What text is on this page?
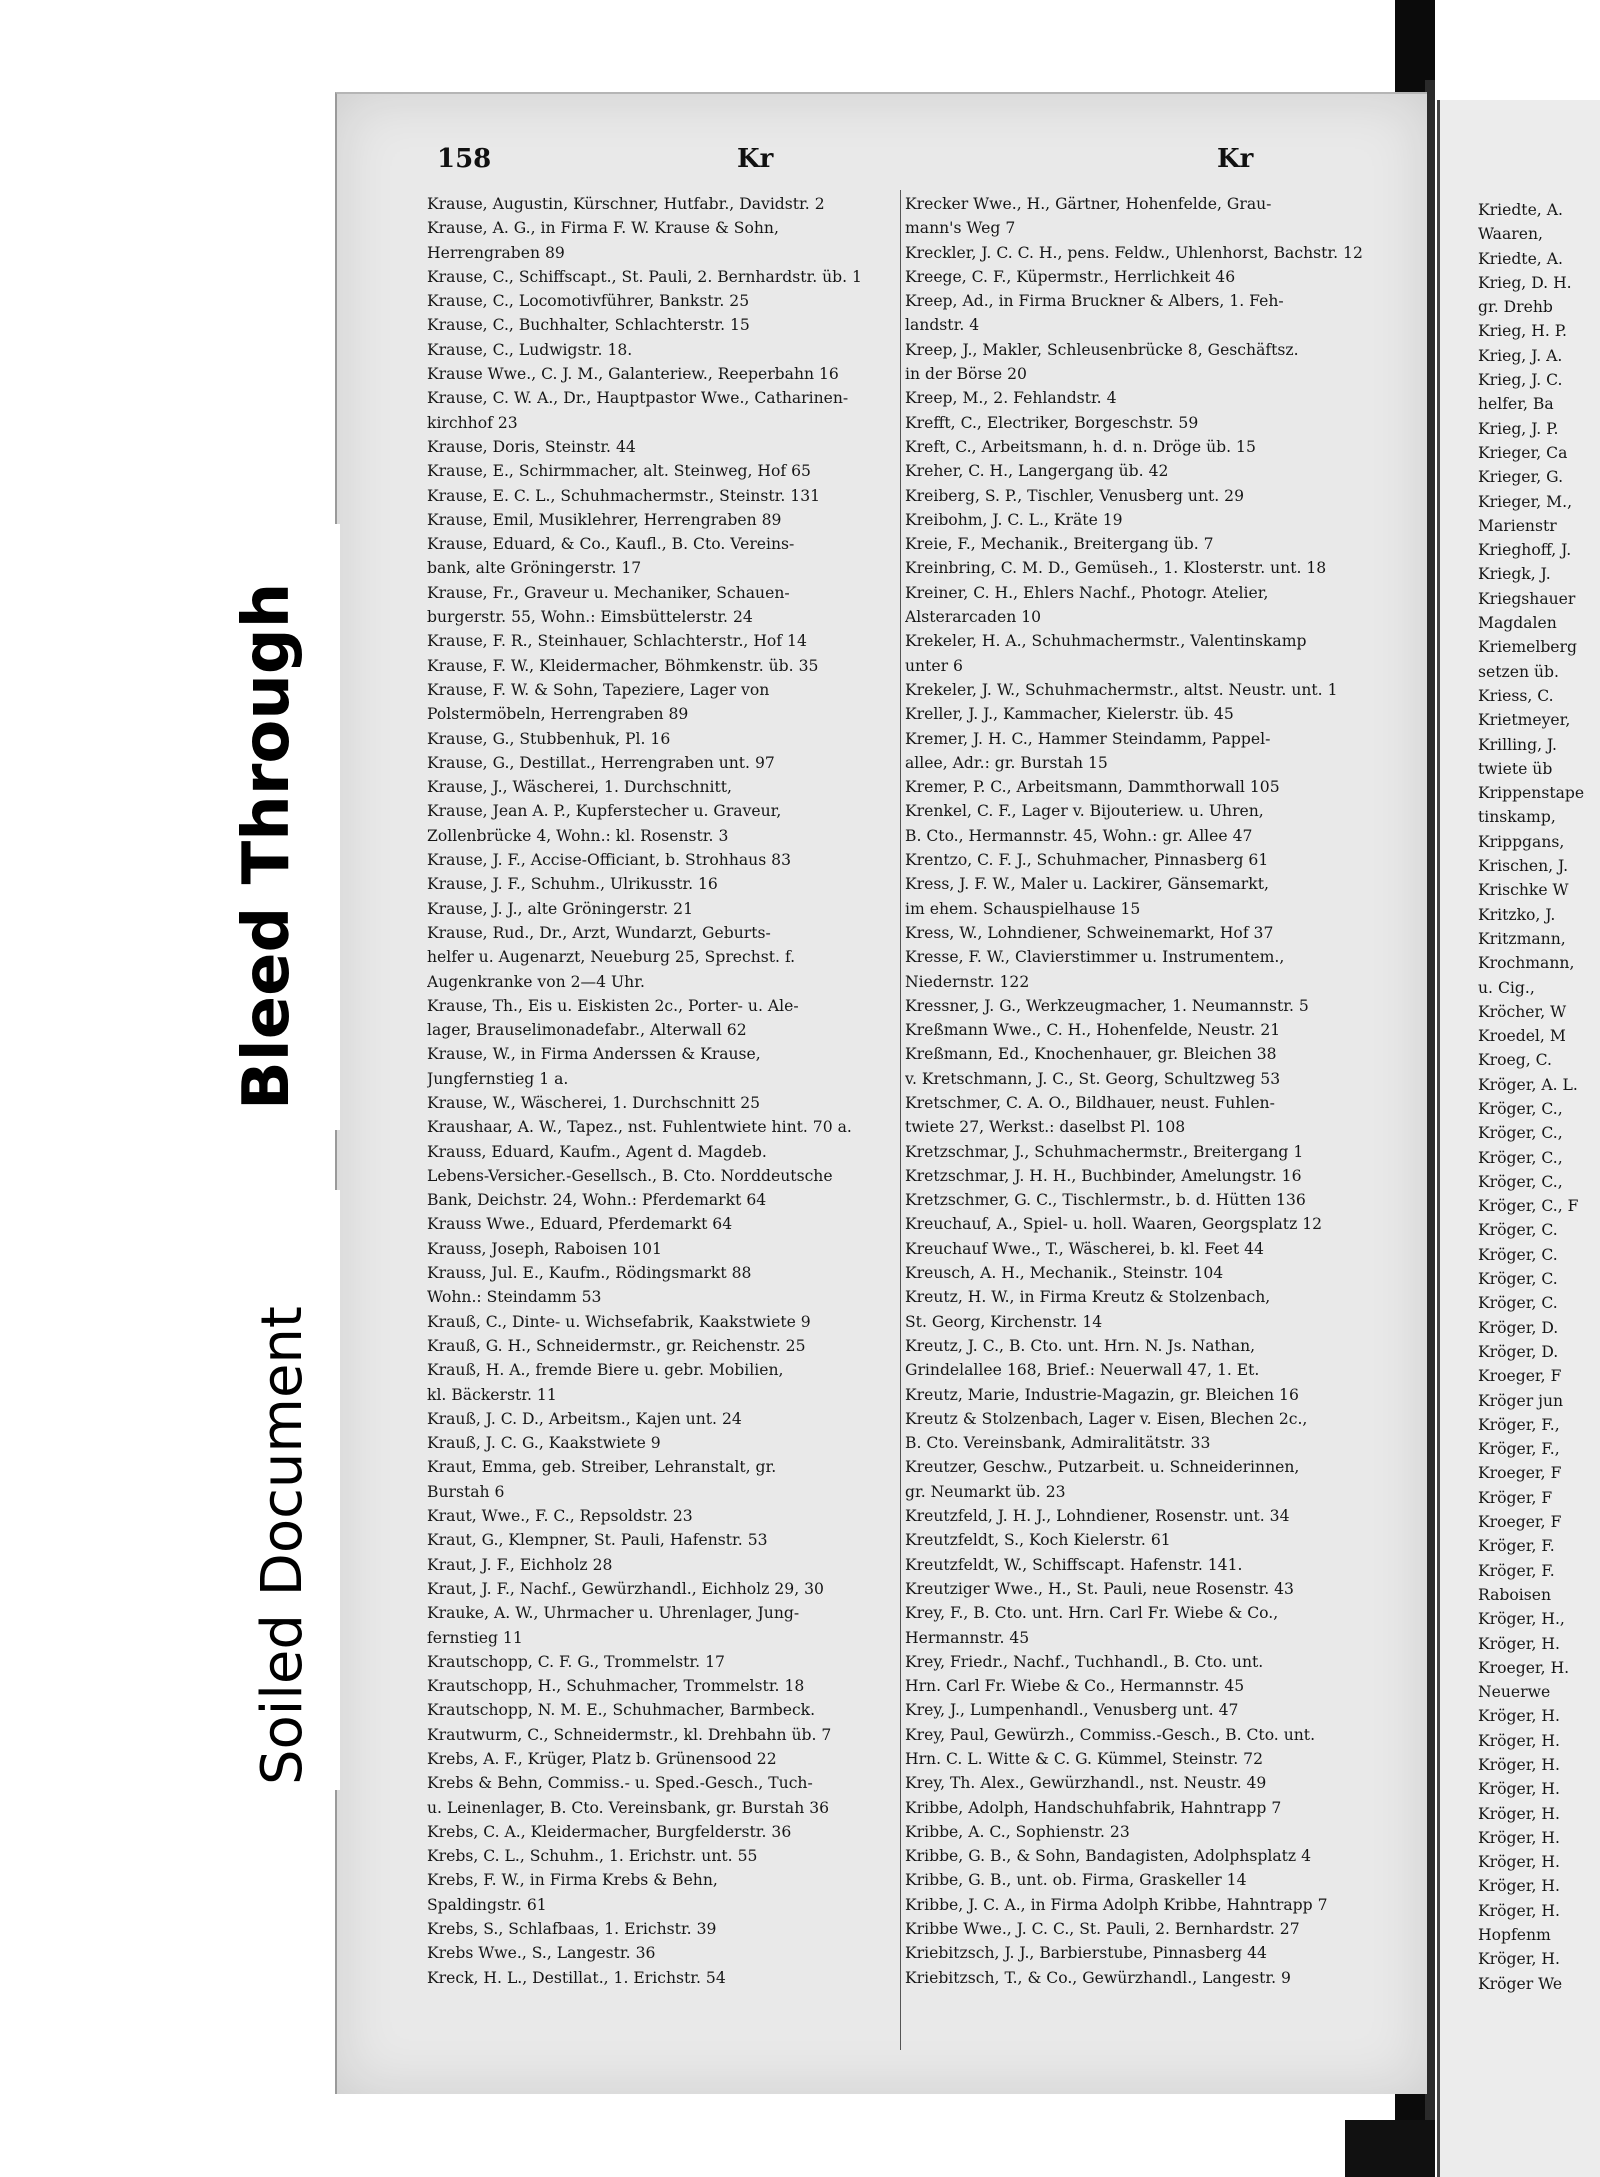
158	Kr	Kr
Krause, Augustin, Kürschner, Hutfabr., Davidstr. 2
Krause, A. G., in Firma F. W. Krause & Sohn,
Herrengraben 89
Krause, C., Schiffscapt., St. Pauli, 2. Bernhardstr. üb. 1
Krause, C., Locomotivführer, Bankstr. 25
Krause, C., Buchhalter, Schlachterstr. 15
Krause, C., Ludwigstr. 18.
Krause Wwe., C. J. M., Galanteriew., Reeperbahn 16
Krause, C. W. A., Dr., Hauptpastor Wwe., Catharinen-
kirchhof 23
Krause, Doris, Steinstr. 44
Krause, E., Schirmmacher, alt. Steinweg, Hof 65
Krause, E. C. L., Schuhmachermstr., Steinstr. 131
Krause, Emil, Musiklehrer, Herrengraben 89
Krause, Eduard, & Co., Kaufl., B. Cto. Vereins-
bank, alte Gröningerstr. 17
Krause, Fr., Graveur u. Mechaniker, Schauen-
burgerstr. 55, Wohn.: Eimsbüttelerstr. 24
Krause, F. R., Steinhauer, Schlachterstr., Hof 14
Krause, F. W., Kleidermacher, Böhmkenstr. üb. 35
Krause, F. W. & Sohn, Tapeziere, Lager von
Polstermöbeln, Herrengraben 89
Krause, G., Stubbenhuk, Pl. 16
Krause, G., Destillat., Herrengraben unt. 97
Krause, J., Wäscherei, 1. Durchschnitt,
Krause, Jean A. P., Kupferstecher u. Graveur,
Zollenbrücke 4, Wohn.: kl. Rosenstr. 3
Krause, J. F., Accise-Officiant, b. Strohhaus 83
Krause, J. F., Schuhm., Ulrikusstr. 16
Krause, J. J., alte Gröningerstr. 21
Krause, Rud., Dr., Arzt, Wundarzt, Geburts-
helfer u. Augenarzt, Neueburg 25, Sprechst. f.
Augenkranke von 2—4 Uhr.
Krause, Th., Eis u. Eiskisten 2c., Porter- u. Ale-
lager, Brauselimonadefabr., Alterwall 62
Krause, W., in Firma Anderssen & Krause,
Jungfernstieg 1 a.
Krause, W., Wäscherei, 1. Durchschnitt 25
Kraushaar, A. W., Tapez., nst. Fuhlentwiete hint. 70 a.
Krauss, Eduard, Kaufm., Agent d. Magdeb.
Lebens-Versicher.-Gesellsch., B. Cto. Norddeutsche
Bank, Deichstr. 24, Wohn.: Pferdemarkt 64
Krauss Wwe., Eduard, Pferdemarkt 64
Krauss, Joseph, Raboisen 101
Krauss, Jul. E., Kaufm., Rödingsmarkt 88
Wohn.: Steindamm 53
Krauß, C., Dinte- u. Wichsefabrik, Kaakstwiete 9
Krauß, G. H., Schneidermstr., gr. Reichenstr. 25
Krauß, H. A., fremde Biere u. gebr. Mobilien,
kl. Bäckerstr. 11
Krauß, J. C. D., Arbeitsm., Kajen unt. 24
Krauß, J. C. G., Kaakstwiete 9
Kraut, Emma, geb. Streiber, Lehranstalt, gr.
Burstah 6
Kraut, Wwe., F. C., Repsoldstr. 23
Kraut, G., Klempner, St. Pauli, Hafenstr. 53
Kraut, J. F., Eichholz 28
Kraut, J. F., Nachf., Gewürzhandl., Eichholz 29, 30
Krauke, A. W., Uhrmacher u. Uhrenlager, Jung-
fernstieg 11
Krautschopp, C. F. G., Trommelstr. 17
Krautschopp, H., Schuhmacher, Trommelstr. 18
Krautschopp, N. M. E., Schuhmacher, Barmbeck.
Krautwurm, C., Schneidermstr., kl. Drehbahn üb. 7
Krebs, A. F., Krüger, Platz b. Grünensood 22
Krebs & Behn, Commiss.- u. Sped.-Gesch., Tuch-
u. Leinenlager, B. Cto. Vereinsbank, gr. Burstah 36
Krebs, C. A., Kleidermacher, Burgfelderstr. 36
Krebs, C. L., Schuhm., 1. Erichstr. unt. 55
Krebs, F. W., in Firma Krebs & Behn,
Spaldingstr. 61
Krebs, S., Schlafbaas, 1. Erichstr. 39
Krebs Wwe., S., Langestr. 36
Kreck, H. L., Destillat., 1. Erichstr. 54
Krecker Wwe., H., Gärtner, Hohenfelde, Grau-
mann's Weg 7
Kreckler, J. C. C. H., pens. Feldw., Uhlenhorst, Bachstr. 12
Kreege, C. F., Küpermstr., Herrlichkeit 46
Kreep, Ad., in Firma Bruckner & Albers, 1. Feh-
landstr. 4
Kreep, J., Makler, Schleusenbrücke 8, Geschäftsz.
in der Börse 20
Kreep, M., 2. Fehlandstr. 4
Krefft, C., Electriker, Borgeschstr. 59
Kreft, C., Arbeitsmann, h. d. n. Dröge üb. 15
Kreher, C. H., Langergang üb. 42
Kreiberg, S. P., Tischler, Venusberg unt. 29
Kreibohm, J. C. L., Kräte 19
Kreie, F., Mechanik., Breitergang üb. 7
Kreinbring, C. M. D., Gemüseh., 1. Klosterstr. unt. 18
Kreiner, C. H., Ehlers Nachf., Photogr. Atelier,
Alsterarcaden 10
Krekeler, H. A., Schuhmachermstr., Valentinskamp
unter 6
Krekeler, J. W., Schuhmachermstr., altst. Neustr. unt. 1
Kreller, J. J., Kammacher, Kielerstr. üb. 45
Kremer, J. H. C., Hammer Steindamm, Pappel-
allee, Adr.: gr. Burstah 15
Kremer, P. C., Arbeitsmann, Dammthorwall 105
Krenkel, C. F., Lager v. Bijouteriew. u. Uhren,
B. Cto., Hermannstr. 45, Wohn.: gr. Allee 47
Krentzo, C. F. J., Schuhmacher, Pinnasberg 61
Kress, J. F. W., Maler u. Lackirer, Gänsemarkt,
im ehem. Schauspielhause 15
Kress, W., Lohndiener, Schweinemarkt, Hof 37
Kresse, F. W., Clavierstimmer u. Instrumentem.,
Niedernstr. 122
Kressner, J. G., Werkzeugmacher, 1. Neumannstr. 5
Kreßmann Wwe., C. H., Hohenfelde, Neustr. 21
Kreßmann, Ed., Knochenhauer, gr. Bleichen 38
v. Kretschmann, J. C., St. Georg, Schultzweg 53
Kretschmer, C. A. O., Bildhauer, neust. Fuhlen-
twiete 27, Werkst.: daselbst Pl. 108
Kretzschmar, J., Schuhmachermstr., Breitergang 1
Kretzschmar, J. H. H., Buchbinder, Amelungstr. 16
Kretzschmer, G. C., Tischlermstr., b. d. Hütten 136
Kreuchauf, A., Spiel- u. holl. Waaren, Georgsplatz 12
Kreuchauf Wwe., T., Wäscherei, b. kl. Feet 44
Kreusch, A. H., Mechanik., Steinstr. 104
Kreutz, H. W., in Firma Kreutz & Stolzenbach,
St. Georg, Kirchenstr. 14
Kreutz, J. C., B. Cto. unt. Hrn. N. Js. Nathan,
Grindelallee 168, Brief.: Neuerwall 47, 1. Et.
Kreutz, Marie, Industrie-Magazin, gr. Bleichen 16
Kreutz & Stolzenbach, Lager v. Eisen, Blechen 2c.,
B. Cto. Vereinsbank, Admiralitätstr. 33
Kreutzer, Geschw., Putzarbeit. u. Schneiderinnen,
gr. Neumarkt üb. 23
Kreutzfeld, J. H. J., Lohndiener, Rosenstr. unt. 34
Kreutzfeldt, S., Koch Kielerstr. 61
Kreutzfeldt, W., Schiffscapt. Hafenstr. 141.
Kreutziger Wwe., H., St. Pauli, neue Rosenstr. 43
Krey, F., B. Cto. unt. Hrn. Carl Fr. Wiebe & Co.,
Hermannstr. 45
Krey, Friedr., Nachf., Tuchhandl., B. Cto. unt.
Hrn. Carl Fr. Wiebe & Co., Hermannstr. 45
Krey, J., Lumpenhandl., Venusberg unt. 47
Krey, Paul, Gewürzh., Commiss.-Gesch., B. Cto. unt.
Hrn. C. L. Witte & C. G. Kümmel, Steinstr. 72
Krey, Th. Alex., Gewürzhandl., nst. Neustr. 49
Kribbe, Adolph, Handschuhfabrik, Hahntrapp 7
Kribbe, A. C., Sophienstr. 23
Kribbe, G. B., & Sohn, Bandagisten, Adolphsplatz 4
Kribbe, G. B., unt. ob. Firma, Graskeller 14
Kribbe, J. C. A., in Firma Adolph Kribbe, Hahntrapp 7
Kribbe Wwe., J. C. C., St. Pauli, 2. Bernhardstr. 27
Kriebitzsch, J. J., Barbierstube, Pinnasberg 44
Kriebitzsch, T., & Co., Gewürzhandl., Langestr. 9
Kriedte, A.
Waaren,
Kriedte, A.
Krieg, D. H.
gr. Drehb
Krieg, H. P.
Krieg, J. A.
Krieg, J. C.
helfer, Ba
Krieg, J. P.
Krieger, Ca
Krieger, G.
Krieger, M.,
Marienstr
Krieghoff, J.
Kriegk, J.
Kriegshauer
Magdalen
Kriemelberg
setzen üb.
Kriess, C.
Krietmeyer,
Krilling, J.
twiete üb
Krippenstape
tinskamp,
Krippgans,
Krischen, J.
Krischke W
Kritzko, J.
Kritzmann,
Krochmann,
u. Cig.,
Kröcher, W
Kroedel, M
Kroeg, C.
Kröger, A. L.
Kröger, C.,
Kröger, C.,
Kröger, C.,
Kröger, C.,
Kröger, C., F
Kröger, C.
Kröger, C.
Kröger, C.
Kröger, C.
Kröger, D.
Kröger, D.
Kroeger, F
Kröger jun
Kröger, F.,
Kröger, F.,
Kroeger, F
Kröger, F
Kroeger, F
Kröger, F.
Kröger, F.
Raboisen
Kröger, H.,
Kröger, H.
Kroeger, H.
Neuerwe
Kröger, H.
Kröger, H.
Kröger, H.
Kröger, H.
Kröger, H.
Kröger, H.
Kröger, H.
Kröger, H.
Kröger, H.
Hopfenm
Kröger, H.
Kröger We
Bleed Through
Soiled Document
